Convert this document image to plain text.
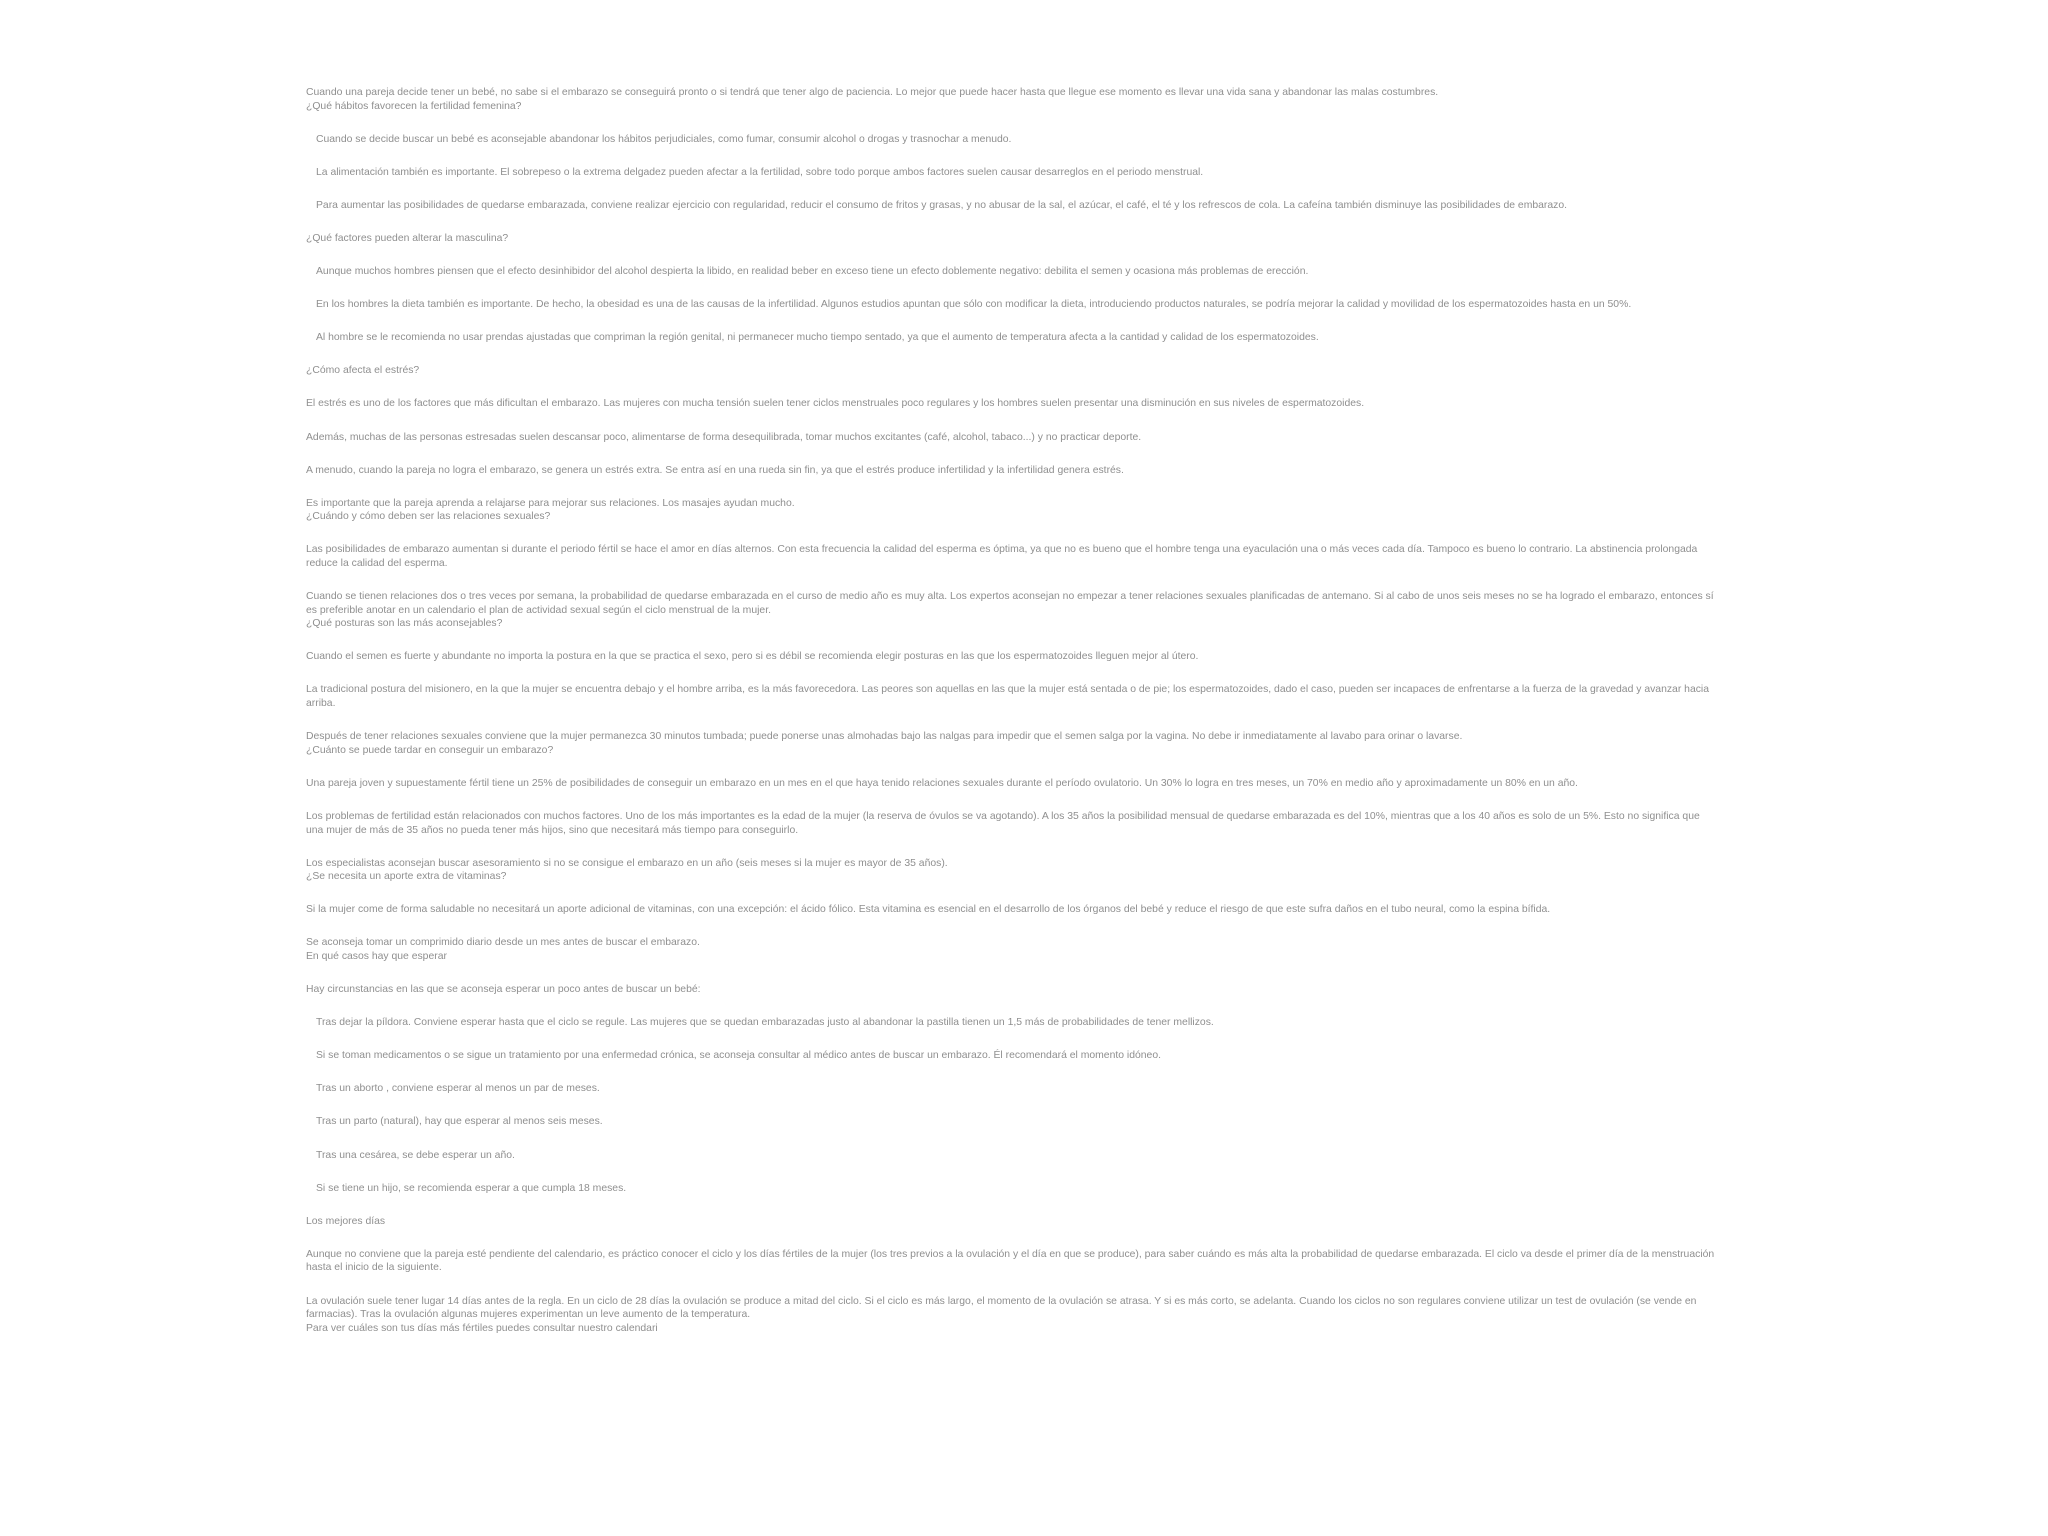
Cuando una pareja decide tener un bebé, no sabe si el embarazo se conseguirá pronto o si tendrá que tener algo de paciencia. Lo mejor que puede hacer hasta que llegue ese momento es llevar una vida sana y abandonar las malas costumbres.

¿Qué hábitos favorecen la fertilidad femenina?

Cuando se decide buscar un bebé es aconsejable abandonar los hábitos perjudiciales, como fumar, consumir alcohol o drogas y trasnochar a menudo.

La alimentación también es importante. El sobrepeso o la extrema delgadez pueden afectar a la fertilidad, sobre todo porque ambos factores suelen causar desarreglos en el periodo menstrual.

Para aumentar las posibilidades de quedarse embarazada, conviene realizar ejercicio con regularidad, reducir el consumo de fritos y grasas, y no abusar de la sal, el azúcar, el café, el té y los refrescos de cola. La cafeína también disminuye las posibilidades de embarazo.

¿Qué factores pueden alterar la masculina?

Aunque muchos hombres piensen que el efecto desinhibidor del alcohol despierta la libido, en realidad beber en exceso tiene un efecto doblemente negativo: debilita el semen y ocasiona más problemas de erección.

En los hombres la dieta también es importante. De hecho, la obesidad es una de las causas de la infertilidad. Algunos estudios apuntan que sólo con modificar la dieta, introduciendo productos naturales, se podría mejorar la calidad y movilidad de los espermatozoides hasta en un 50%.

Al hombre se le recomienda no usar prendas ajustadas que compriman la región genital, ni permanecer mucho tiempo sentado, ya que el aumento de temperatura afecta a la cantidad y calidad de los espermatozoides.

¿Cómo afecta el estrés?

El estrés es uno de los factores que más dificultan el embarazo. Las mujeres con mucha tensión suelen tener ciclos menstruales poco regulares y los hombres suelen presentar una disminución en sus niveles de espermatozoides.

Además, muchas de las personas estresadas suelen descansar poco, alimentarse de forma desequilibrada, tomar muchos excitantes (café, alcohol, tabaco...) y no practicar deporte.

A menudo, cuando la pareja no logra el embarazo, se genera un estrés extra. Se entra así en una rueda sin fin, ya que el estrés produce infertilidad y la infertilidad genera estrés.

Es importante que la pareja aprenda a relajarse para mejorar sus relaciones. Los masajes ayudan mucho.

¿Cuándo y cómo deben ser las relaciones sexuales?

Las posibilidades de embarazo aumentan si durante el periodo fértil se hace el amor en días alternos. Con esta frecuencia la calidad del esperma es óptima, ya que no es bueno que el hombre tenga una eyaculación una o más veces cada día. Tampoco es bueno lo contrario. La abstinencia prolongada reduce la calidad del esperma.

Cuando se tienen relaciones dos o tres veces por semana, la probabilidad de quedarse embarazada en el curso de medio año es muy alta. Los expertos aconsejan no empezar a tener relaciones sexuales planificadas de antemano. Si al cabo de unos seis meses no se ha logrado el embarazo, entonces sí es preferible anotar en un calendario el plan de actividad sexual según el ciclo menstrual de la mujer.

¿Qué posturas son las más aconsejables?

Cuando el semen es fuerte y abundante no importa la postura en la que se practica el sexo, pero si es débil se recomienda elegir posturas en las que los espermatozoides lleguen mejor al útero.

La tradicional postura del misionero, en la que la mujer se encuentra debajo y el hombre arriba, es la más favorecedora. Las peores son aquellas en las que la mujer está sentada o de pie; los espermatozoides, dado el caso, pueden ser incapaces de enfrentarse a la fuerza de la gravedad y avanzar hacia arriba.

Después de tener relaciones sexuales conviene que la mujer permanezca 30 minutos tumbada; puede ponerse unas almohadas bajo las nalgas para impedir que el semen salga por la vagina. No debe ir inmediatamente al lavabo para orinar o lavarse.

¿Cuánto se puede tardar en conseguir un embarazo?

Una pareja joven y supuestamente fértil tiene un 25% de posibilidades de conseguir un embarazo en un mes en el que haya tenido relaciones sexuales durante el período ovulatorio. Un 30% lo logra en tres meses, un 70% en medio año y aproximadamente un 80% en un año.

Los problemas de fertilidad están relacionados con muchos factores. Uno de los más importantes es la edad de la mujer (la reserva de óvulos se va agotando). A los 35 años la posibilidad mensual de quedarse embarazada es del 10%, mientras que a los 40 años es solo de un 5%. Esto no significa que una mujer de más de 35 años no pueda tener más hijos, sino que necesitará más tiempo para conseguirlo.

Los especialistas aconsejan buscar asesoramiento si no se consigue el embarazo en un año (seis meses si la mujer es mayor de 35 años).

¿Se necesita un aporte extra de vitaminas?

Si la mujer come de forma saludable no necesitará un aporte adicional de vitaminas, con una excepción: el ácido fólico. Esta vitamina es esencial en el desarrollo de los órganos del bebé y reduce el riesgo de que este sufra daños en el tubo neural, como la espina bífida.

Se aconseja tomar un comprimido diario desde un mes antes de buscar el embarazo.

En qué casos hay que esperar

Hay circunstancias en las que se aconseja esperar un poco antes de buscar un bebé:

Tras dejar la píldora. Conviene esperar hasta que el ciclo se regule. Las mujeres que se quedan embarazadas justo al abandonar la pastilla tienen un 1,5 más de probabilidades de tener mellizos.

Si se toman medicamentos o se sigue un tratamiento por una enfermedad crónica, se aconseja consultar al médico antes de buscar un embarazo. Él recomendará el momento idóneo.

Tras un aborto , conviene esperar al menos un par de meses.

Tras un parto (natural), hay que esperar al menos seis meses.

Tras una cesárea, se debe esperar un año.

Si se tiene un hijo, se recomienda esperar a que cumpla 18 meses.

Los mejores días

Aunque no conviene que la pareja esté pendiente del calendario, es práctico conocer el ciclo y los días fértiles de la mujer (los tres previos a la ovulación y el día en que se produce), para saber cuándo es más alta la probabilidad de quedarse embarazada. El ciclo va desde el primer día de la menstruación hasta el inicio de la siguiente.

La ovulación suele tener lugar 14 días antes de la regla. En un ciclo de 28 días la ovulación se produce a mitad del ciclo. Si el ciclo es más largo, el momento de la ovulación se atrasa. Y si es más corto, se adelanta. Cuando los ciclos no son regulares conviene utilizar un test de ovulación (se vende en farmacias). Tras la ovulación algunas mujeres experimentan un leve aumento de la temperatura.

Para ver cuáles son tus días más fértiles puedes consultar nuestro calendari
